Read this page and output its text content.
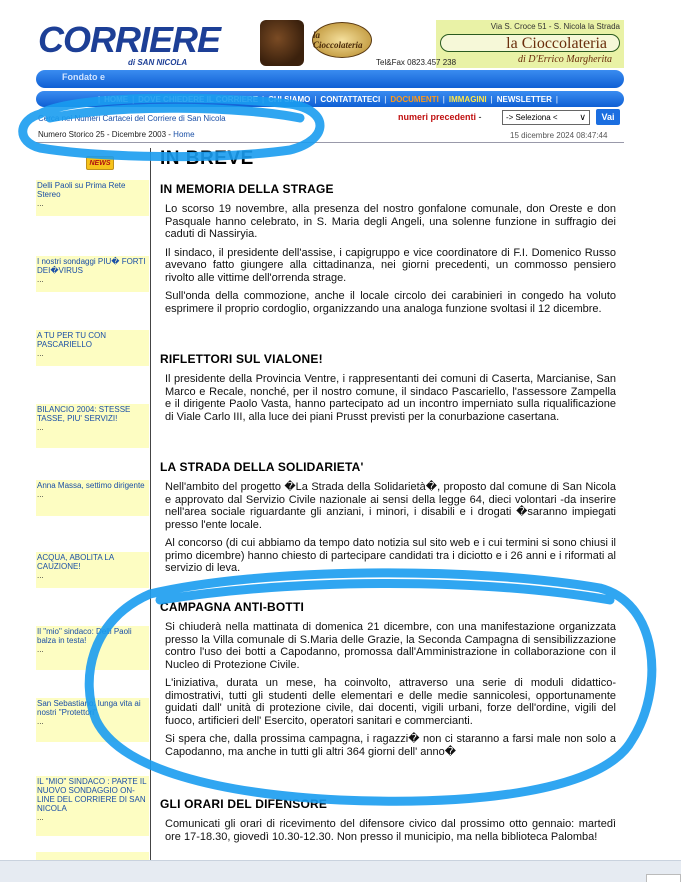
CORRIERE
di SAN NICOLA
la Cioccolateria
Via S. Croce 51 - S. Nicola la Strada
la Cioccolateria
di D'Errico Margherita
Tel&Fax 0823.457 238
Fondato e
| HOME | DOVE CHIEDERE IL CORRIERE | CHI SIAMO | CONTATTATECI | DOCUMENTI | IMMAGINI | NEWSLETTER |
Cerca nei Numeri Cartacei del Corriere di San Nicola
Numero Storico 25 - Dicembre 2003 - Home
numeri precedenti -	-> Seleziona < ∨	Vai
15 dicembre 2024 08:47:44
NEWS
Delli Paoli su Prima Rete Stereo
...
I nostri sondaggi PIU� FORTI DEI�VIRUS
...
A TU PER TU CON PASCARIELLO
...
BILANCIO 2004: STESSE TASSE, PIU' SERVIZI!
...
Anna Massa, settimo dirigente
...
ACQUA, ABOLITA LA CAUZIONE!
...
Il "mio" sindaco: Delli Paoli balza in testa!
...
San Sebastiano: lunga vita ai nostri "Protettori"
...
IL "MIO" SINDACO : PARTE IL NUOVO SONDAGGIO ON-LINE DEL CORRIERE DI SAN NICOLA
...
IN BREVE
IN MEMORIA DELLA STRAGE

Lo scorso 19 novembre, alla presenza del nostro gonfalone comunale, don Oreste e don Pasquale hanno celebrato, in S. Maria degli Angeli, una solenne funzione in suffragio dei caduti di Nassiryia.

Il sindaco, il presidente dell'assise, i capigruppo e vice coordinatore di F.I. Domenico Russo avevano fatto giungere alla cittadinanza, nei giorni precedenti, un commosso pensiero rivolto alle vittime dell'orrenda strage.

Sull'onda della commozione, anche il locale circolo dei carabinieri in congedo ha voluto esprimere il proprio cordoglio, organizzando una analoga funzione svoltasi il 12 dicembre.

RIFLETTORI SUL VIALONE!

Il presidente della Provincia Ventre, i rappresentanti dei comuni di Caserta, Marcianise, San Marco e Recale, nonché, per il nostro comune, il sindaco Pascariello, l'assessore Zampella e il dirigente Paolo Vasta, hanno partecipato ad un incontro imperniato sulla riqualificazione di Viale Carlo III, alla luce dei piani Prusst previsti per la conurbazione casertana.

LA STRADA DELLA SOLIDARIETA'

Nell'ambito del progetto �La Strada della Solidarietà�, proposto dal comune di San Nicola e approvato dal Servizio Civile nazionale ai sensi della legge 64, dieci volontari -da inserire nell'area sociale riguardante gli anziani, i minori, i disabili e i drogati �saranno impiegati presso l'ente locale.

Al concorso (di cui abbiamo da tempo dato notizia sul sito web e i cui termini si sono chiusi il primo dicembre) hanno chiesto di partecipare candidati tra i diciotto e i 26 anni e i riformati al servizio di leva.

CAMPAGNA ANTI-BOTTI

Si chiuderà nella mattinata di domenica 21 dicembre, con una manifestazione organizzata presso la Villa comunale di S.Maria delle Grazie, la Seconda Campagna di sensibilizzazione contro l'uso dei botti a Capodanno, promossa dall'Amministrazione in collaborazione con il Nucleo di Protezione Civile.

L'iniziativa, durata un mese, ha coinvolto, attraverso una serie di moduli didattico-dimostrativi, tutti gli studenti delle elementari e delle medie sannicolesi, opportunamente guidati dall' unità di protezione civile, dai docenti, vigili urbani, forze dell'ordine, vigili del fuoco, artificieri dell' Esercito, operatori sanitari e commercianti.

Si spera che, dalla prossima campagna, i ragazzi� non ci staranno a farsi male non solo a Capodanno, ma anche in tutti gli altri 364 giorni dell' anno�

GLI ORARI DEL DIFENSORE

Comunicati gli orari di ricevimento del difensore civico dal prossimo otto gennaio: martedì ore 17-18.30, giovedì 10.30-12.30. Non presso il municipio, ma nella biblioteca Palomba!
